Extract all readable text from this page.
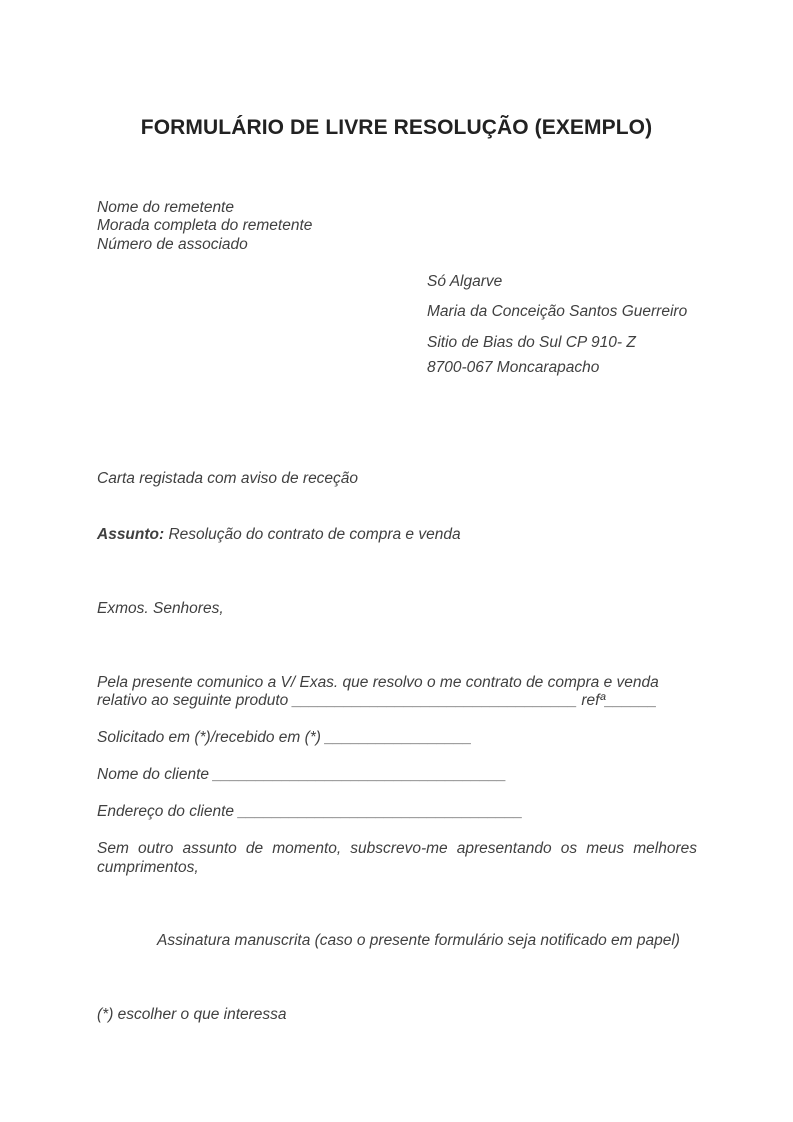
FORMULÁRIO DE LIVRE RESOLUÇÃO (EXEMPLO)
Nome do remetente
Morada completa do remetente
Número de associado
Só Algarve
Maria da Conceição Santos Guerreiro
Sitio de Bias do Sul CP 910- Z
8700-067 Moncarapacho
Carta registada com aviso de receção
Assunto: Resolução do contrato de compra e venda
Exmos. Senhores,
Pela presente comunico a V/ Exas. que resolvo o me contrato de compra e venda
relativo ao seguinte produto _________________________________ refª______
Solicitado em (*)/recebido em (*) _________________
Nome do cliente __________________________________
Endereço do cliente _________________________________
Sem outro assunto de momento, subscrevo-me apresentando os meus melhores cumprimentos,
Assinatura manuscrita (caso o presente formulário seja notificado em papel)
(*) escolher o que interessa
